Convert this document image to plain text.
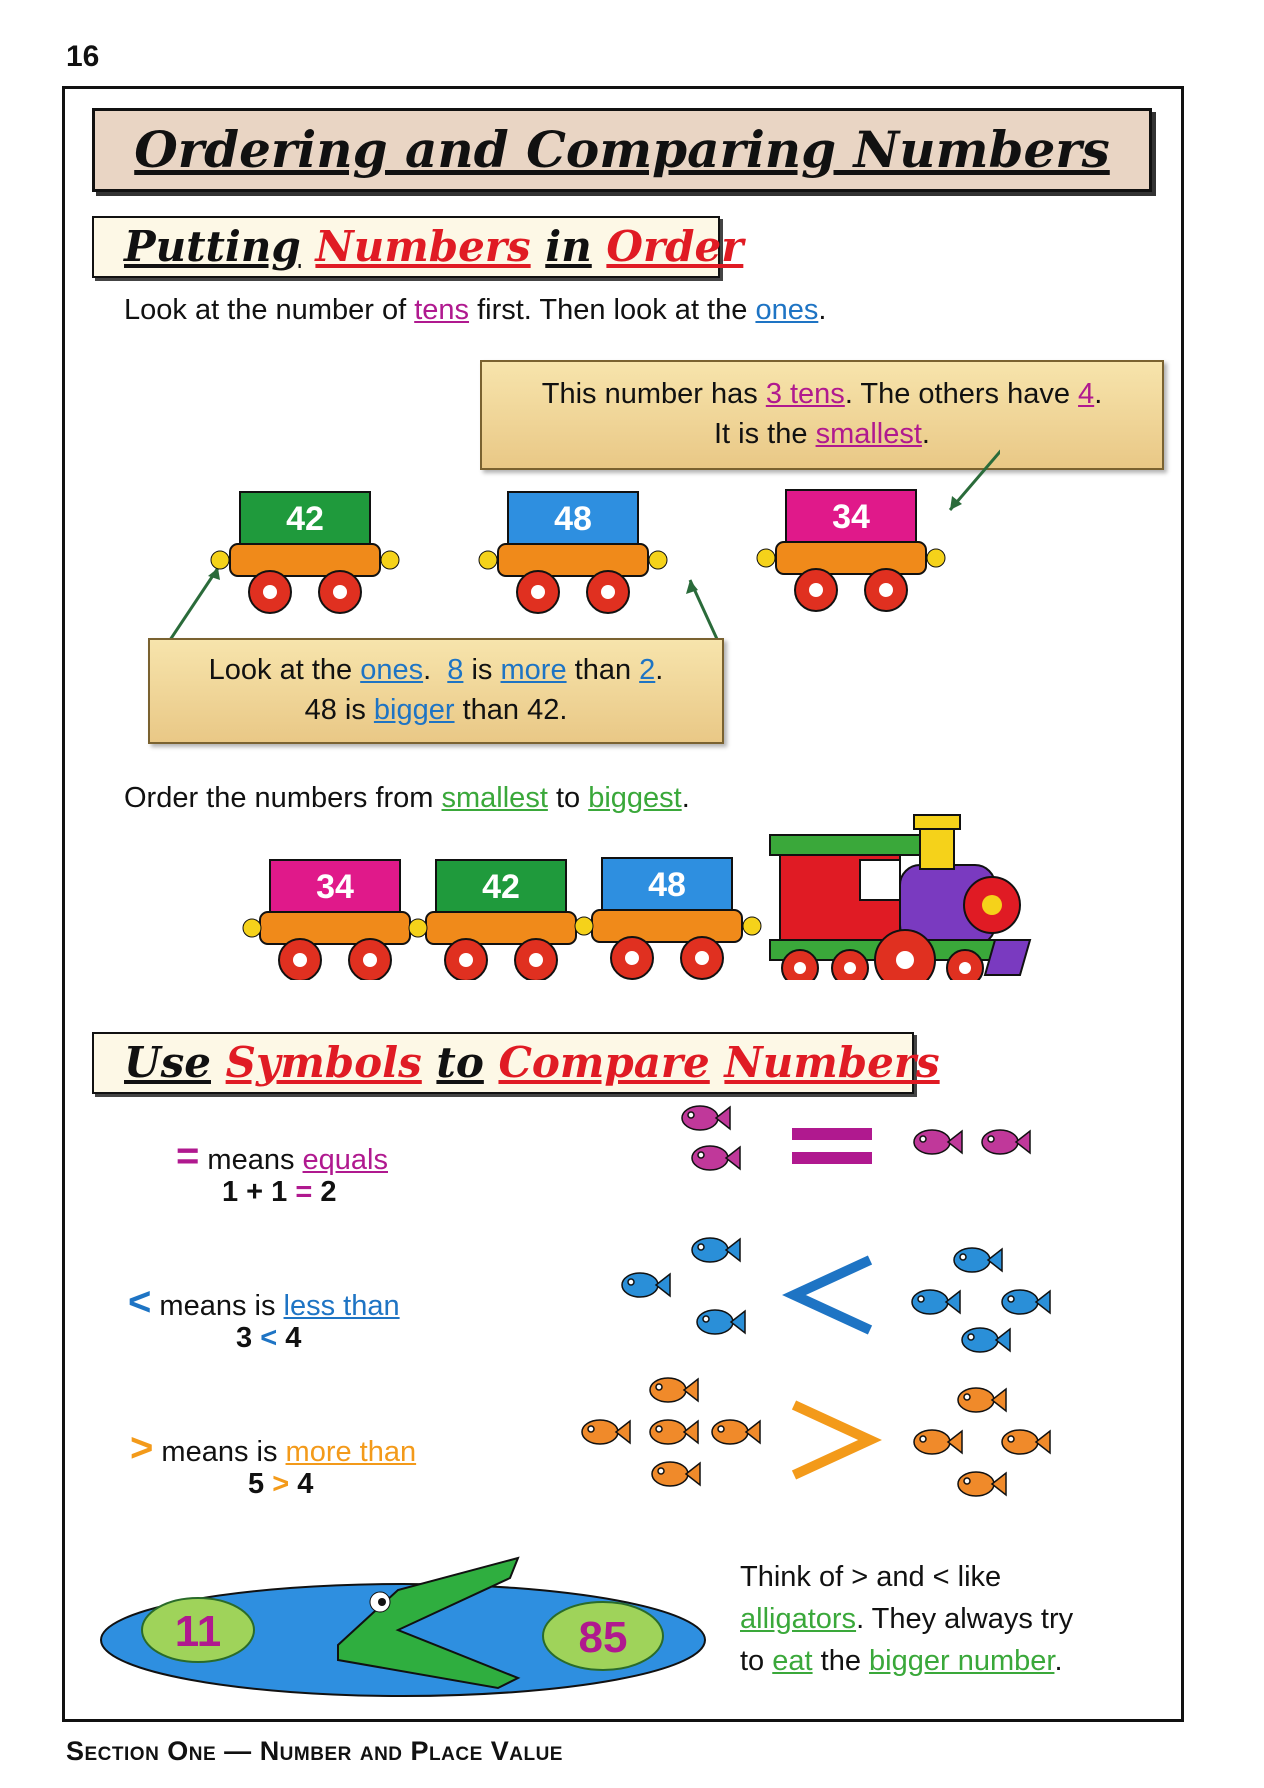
16
Ordering and Comparing Numbers
Putting Numbers in Order
Look at the number of tens first. Then look at the ones.
This number has 3 tens. The others have 4.
It is the smallest.
42	48	34
Look at the ones. 8 is more than 2.
48 is bigger than 42.
Order the numbers from smallest to biggest.
34	42	48
Use Symbols to Compare Numbers
= means equals
1 + 1 = 2
< means is less than
3 < 4
> means is more than
5 > 4
11	85
Think of > and < like
alligators. They always try
to eat the bigger number.
Section One — Number and Place Value
